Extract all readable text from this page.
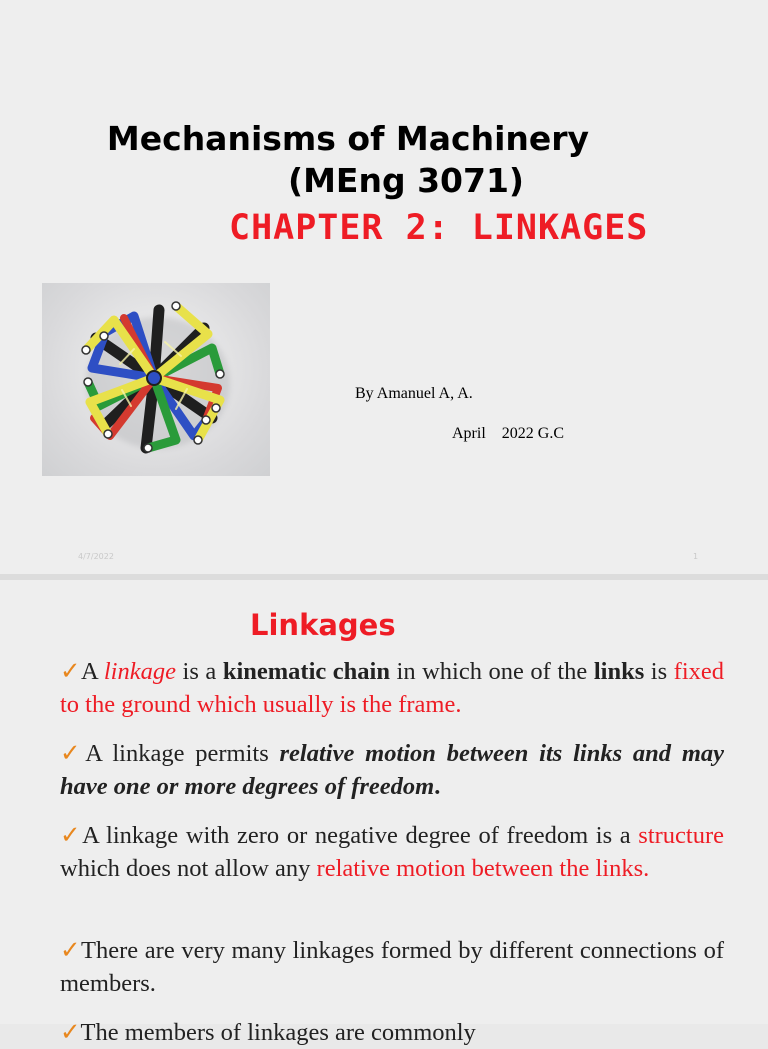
Mechanisms of Machinery
(MEng 3071)
CHAPTER 2: LINKAGES
By Amanuel A, A.
April    2022 G.C
4/7/2022	1
Linkages
✓A linkage is a kinematic chain in which one of the links is fixed to the ground which usually is the frame.
✓A linkage permits relative motion between its links and may have one or more degrees of freedom.
✓A linkage with zero or negative degree of freedom is a structure which does not allow any relative motion between the links.
✓There are very many linkages formed by different connections of members.
✓The members of linkages are commonly
